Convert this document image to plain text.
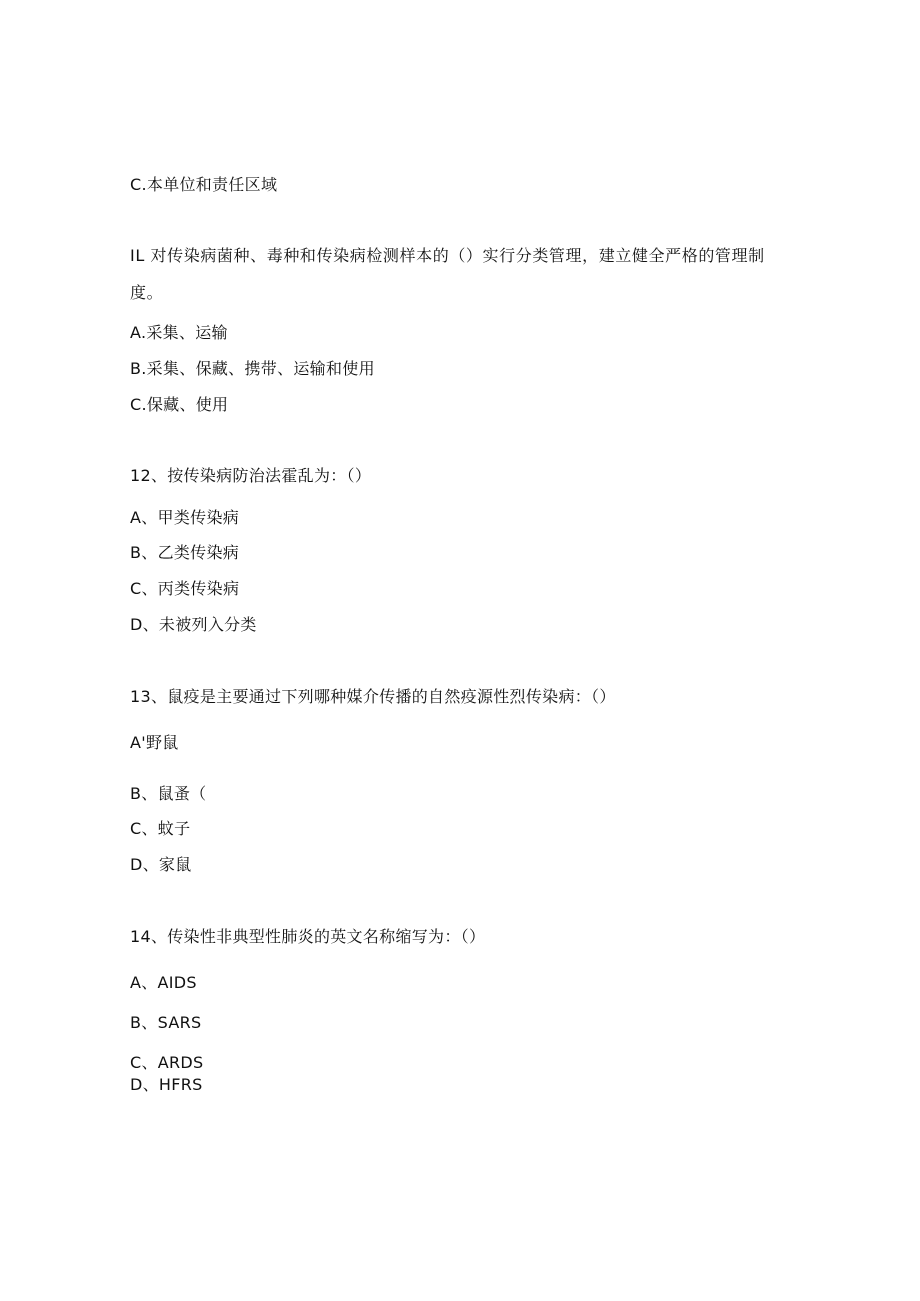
C.本单位和责任区域
IL 对传染病菌种、毒种和传染病检测样本的（）实行分类管理，建立健全严格的管理制度。
A.采集、运输
B.采集、保藏、携带、运输和使用
C.保藏、使用
12、按传染病防治法霍乱为：（）
A、甲类传染病
B、乙类传染病
C、丙类传染病
D、未被列入分类
13、鼠疫是主要通过下列哪种媒介传播的自然疫源性烈传染病：（）
A'野鼠
B、鼠蚤（
C、蚊子
D、家鼠
14、传染性非典型性肺炎的英文名称缩写为：（）
A、AIDS
B、SARS
C、ARDS
D、HFRS
